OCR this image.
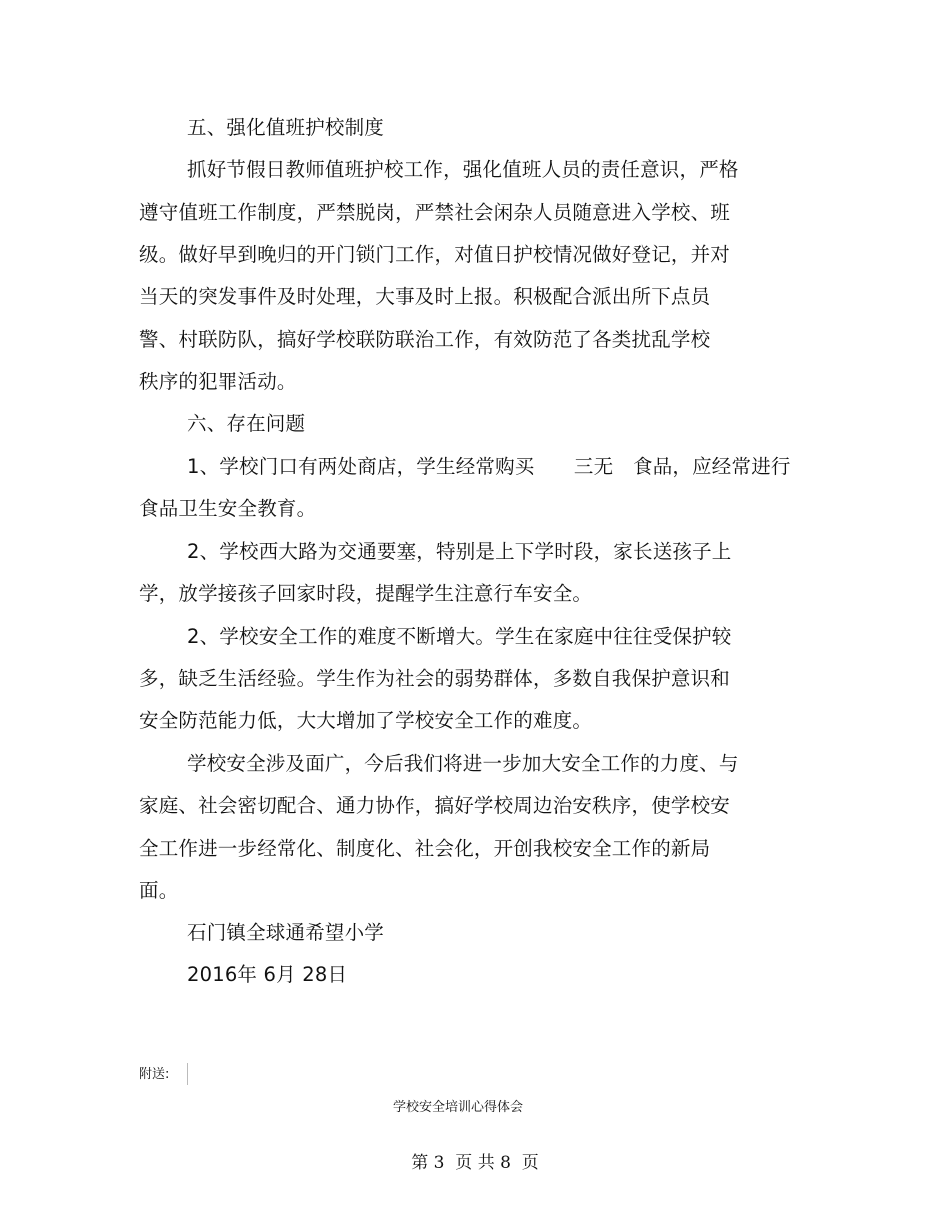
五、强化值班护校制度
抓好节假日教师值班护校工作，强化值班人员的责任意识，严格
遵守值班工作制度，严禁脱岗，严禁社会闲杂人员随意进入学校、班
级。做好早到晚归的开门锁门工作，对值日护校情况做好登记，并对
当天的突发事件及时处理，大事及时上报。积极配合派出所下点员
警、村联防队，搞好学校联防联治工作，有效防范了各类扰乱学校
秩序的犯罪活动。
六、存在问题
1、学校门口有两处商店，学生经常购买　　三无　食品，应经常进行
食品卫生安全教育。
2、学校西大路为交通要塞，特别是上下学时段，家长送孩子上
学，放学接孩子回家时段，提醒学生注意行车安全。
2、学校安全工作的难度不断增大。学生在家庭中往往受保护较
多，缺乏生活经验。学生作为社会的弱势群体，多数自我保护意识和
安全防范能力低，大大增加了学校安全工作的难度。
学校安全涉及面广，今后我们将进一步加大安全工作的力度、与
家庭、社会密切配合、通力协作，搞好学校周边治安秩序，使学校安
全工作进一步经常化、制度化、社会化，开创我校安全工作的新局
面。
石门镇全球通希望小学
2016年 6月 28日
附送:
学校安全培训心得体会
第 3  页 共 8  页
